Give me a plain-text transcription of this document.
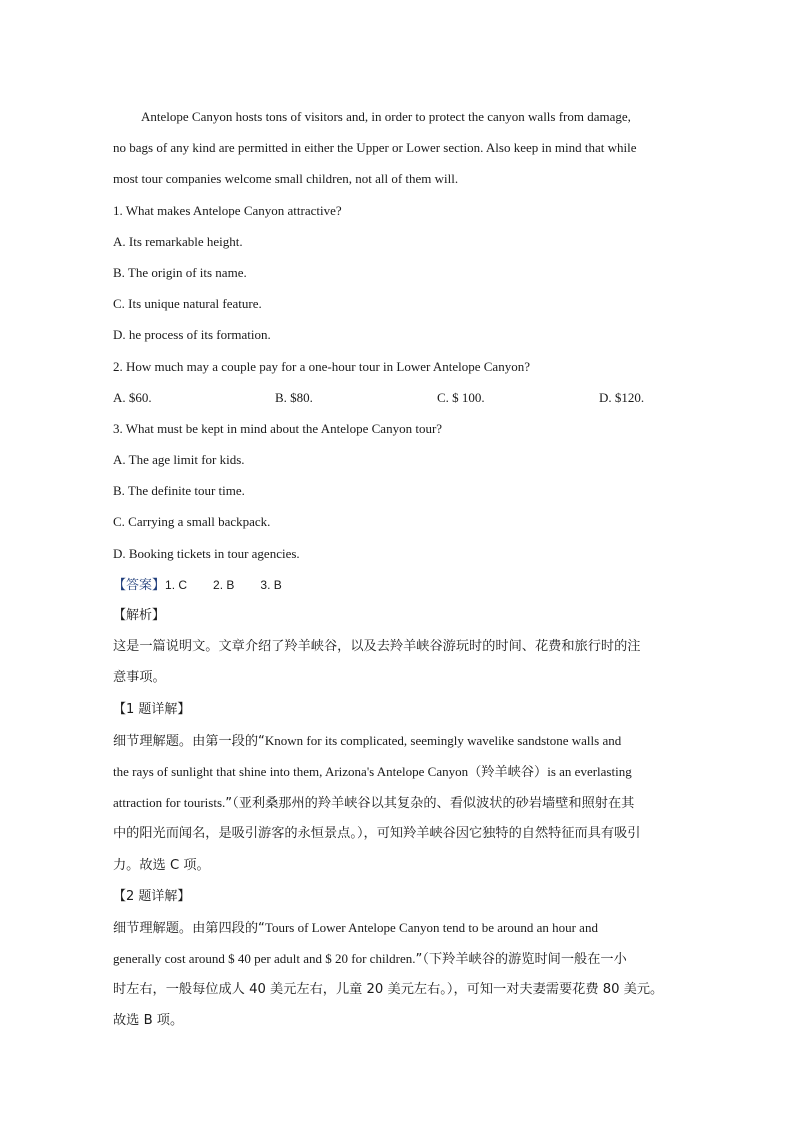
Antelope Canyon hosts tons of visitors and, in order to protect the canyon walls from damage,
no bags of any kind are permitted in either the Upper or Lower section. Also keep in mind that while
most tour companies welcome small children, not all of them will.
1. What makes Antelope Canyon attractive?
A. Its remarkable height.
B. The origin of its name.
C. Its unique natural feature.
D. he process of its formation.
2. How much may a couple pay for a one-hour tour in Lower Antelope Canyon?
A. $60.	B. $80.	C. $ 100.	D. $120.
3. What must be kept in mind about the Antelope Canyon tour?
A. The age limit for kids.
B. The definite tour time.
C. Carrying a small backpack.
D. Booking tickets in tour agencies.
【答案】1. C 2. B 3. B
【解析】
这是一篇说明文。文章介绍了羚羊峡谷，以及去羚羊峡谷游玩时的时间、花费和旅行时的注
意事项。
【1 题详解】
细节理解题。由第一段的“Known for its complicated, seemingly wavelike sandstone walls and
the rays of sunlight that shine into them, Arizona's Antelope Canyon（羚羊峡谷）is an everlasting
attraction for tourists.”（亚利桑那州的羚羊峡谷以其复杂的、看似波状的砂岩墙壁和照射在其
中的阳光而闻名，是吸引游客的永恒景点。），可知羚羊峡谷因它独特的自然特征而具有吸引
力。故选 C 项。
【2 题详解】
细节理解题。由第四段的“Tours of Lower Antelope Canyon tend to be around an hour and
generally cost around $ 40 per adult and $ 20 for children.”（下羚羊峡谷的游览时间一般在一小
时左右，一般每位成人 40 美元左右，儿童 20 美元左右。），可知一对夫妻需要花费 80 美元。
故选 B 项。
